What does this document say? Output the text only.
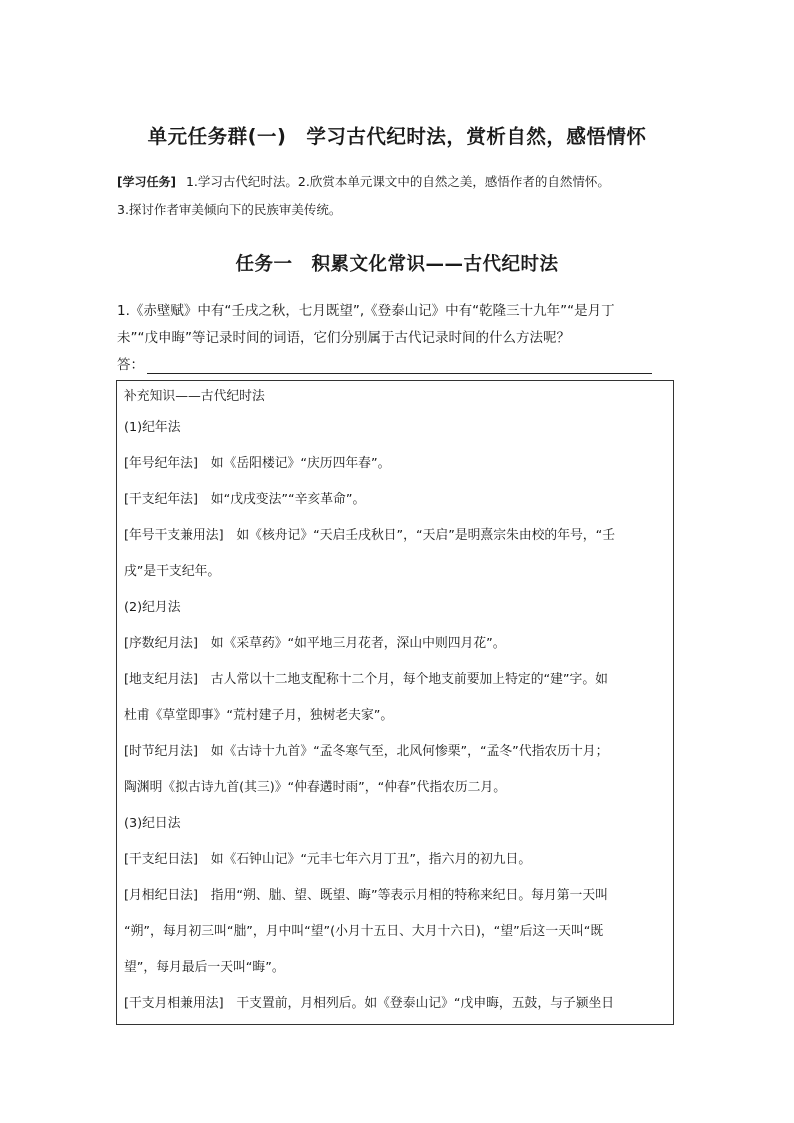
单元任务群(一)　学习古代纪时法，赏析自然，感悟情怀
[学习任务] 1.学习古代纪时法。2.欣赏本单元课文中的自然之美，感悟作者的自然情怀。
3.探讨作者审美倾向下的民族审美传统。
任务一　积累文化常识——古代纪时法
1.《赤壁赋》中有“壬戌之秋，七月既望”,《登泰山记》中有“乾隆三十九年”“是月丁
未”“戊申晦”等记录时间的词语，它们分别属于古代记录时间的什么方法呢？
答：
补充知识——古代纪时法
(1)纪年法
[年号纪年法]　如《岳阳楼记》“庆历四年春”。
[干支纪年法]　如“戊戌变法”“辛亥革命”。
[年号干支兼用法]　如《核舟记》“天启壬戌秋日”，“天启”是明熹宗朱由校的年号，“壬
戌”是干支纪年。
(2)纪月法
[序数纪月法]　如《采草药》“如平地三月花者，深山中则四月花”。
[地支纪月法]　古人常以十二地支配称十二个月，每个地支前要加上特定的“建”字。如
杜甫《草堂即事》“荒村建子月，独树老夫家”。
[时节纪月法]　如《古诗十九首》“孟冬寒气至，北风何惨栗”，“孟冬”代指农历十月；
陶渊明《拟古诗九首(其三)》“仲春遘时雨”，“仲春”代指农历二月。
(3)纪日法
[干支纪日法]　如《石钟山记》“元丰七年六月丁丑”，指六月的初九日。
[月相纪日法]　指用“朔、朏、望、既望、晦”等表示月相的特称来纪日。每月第一天叫
“朔”，每月初三叫“朏”，月中叫“望”(小月十五日、大月十六日)，“望”后这一天叫“既
望”，每月最后一天叫“晦”。
[干支月相兼用法]　干支置前，月相列后。如《登泰山记》“戊申晦，五鼓，与子颍坐日
